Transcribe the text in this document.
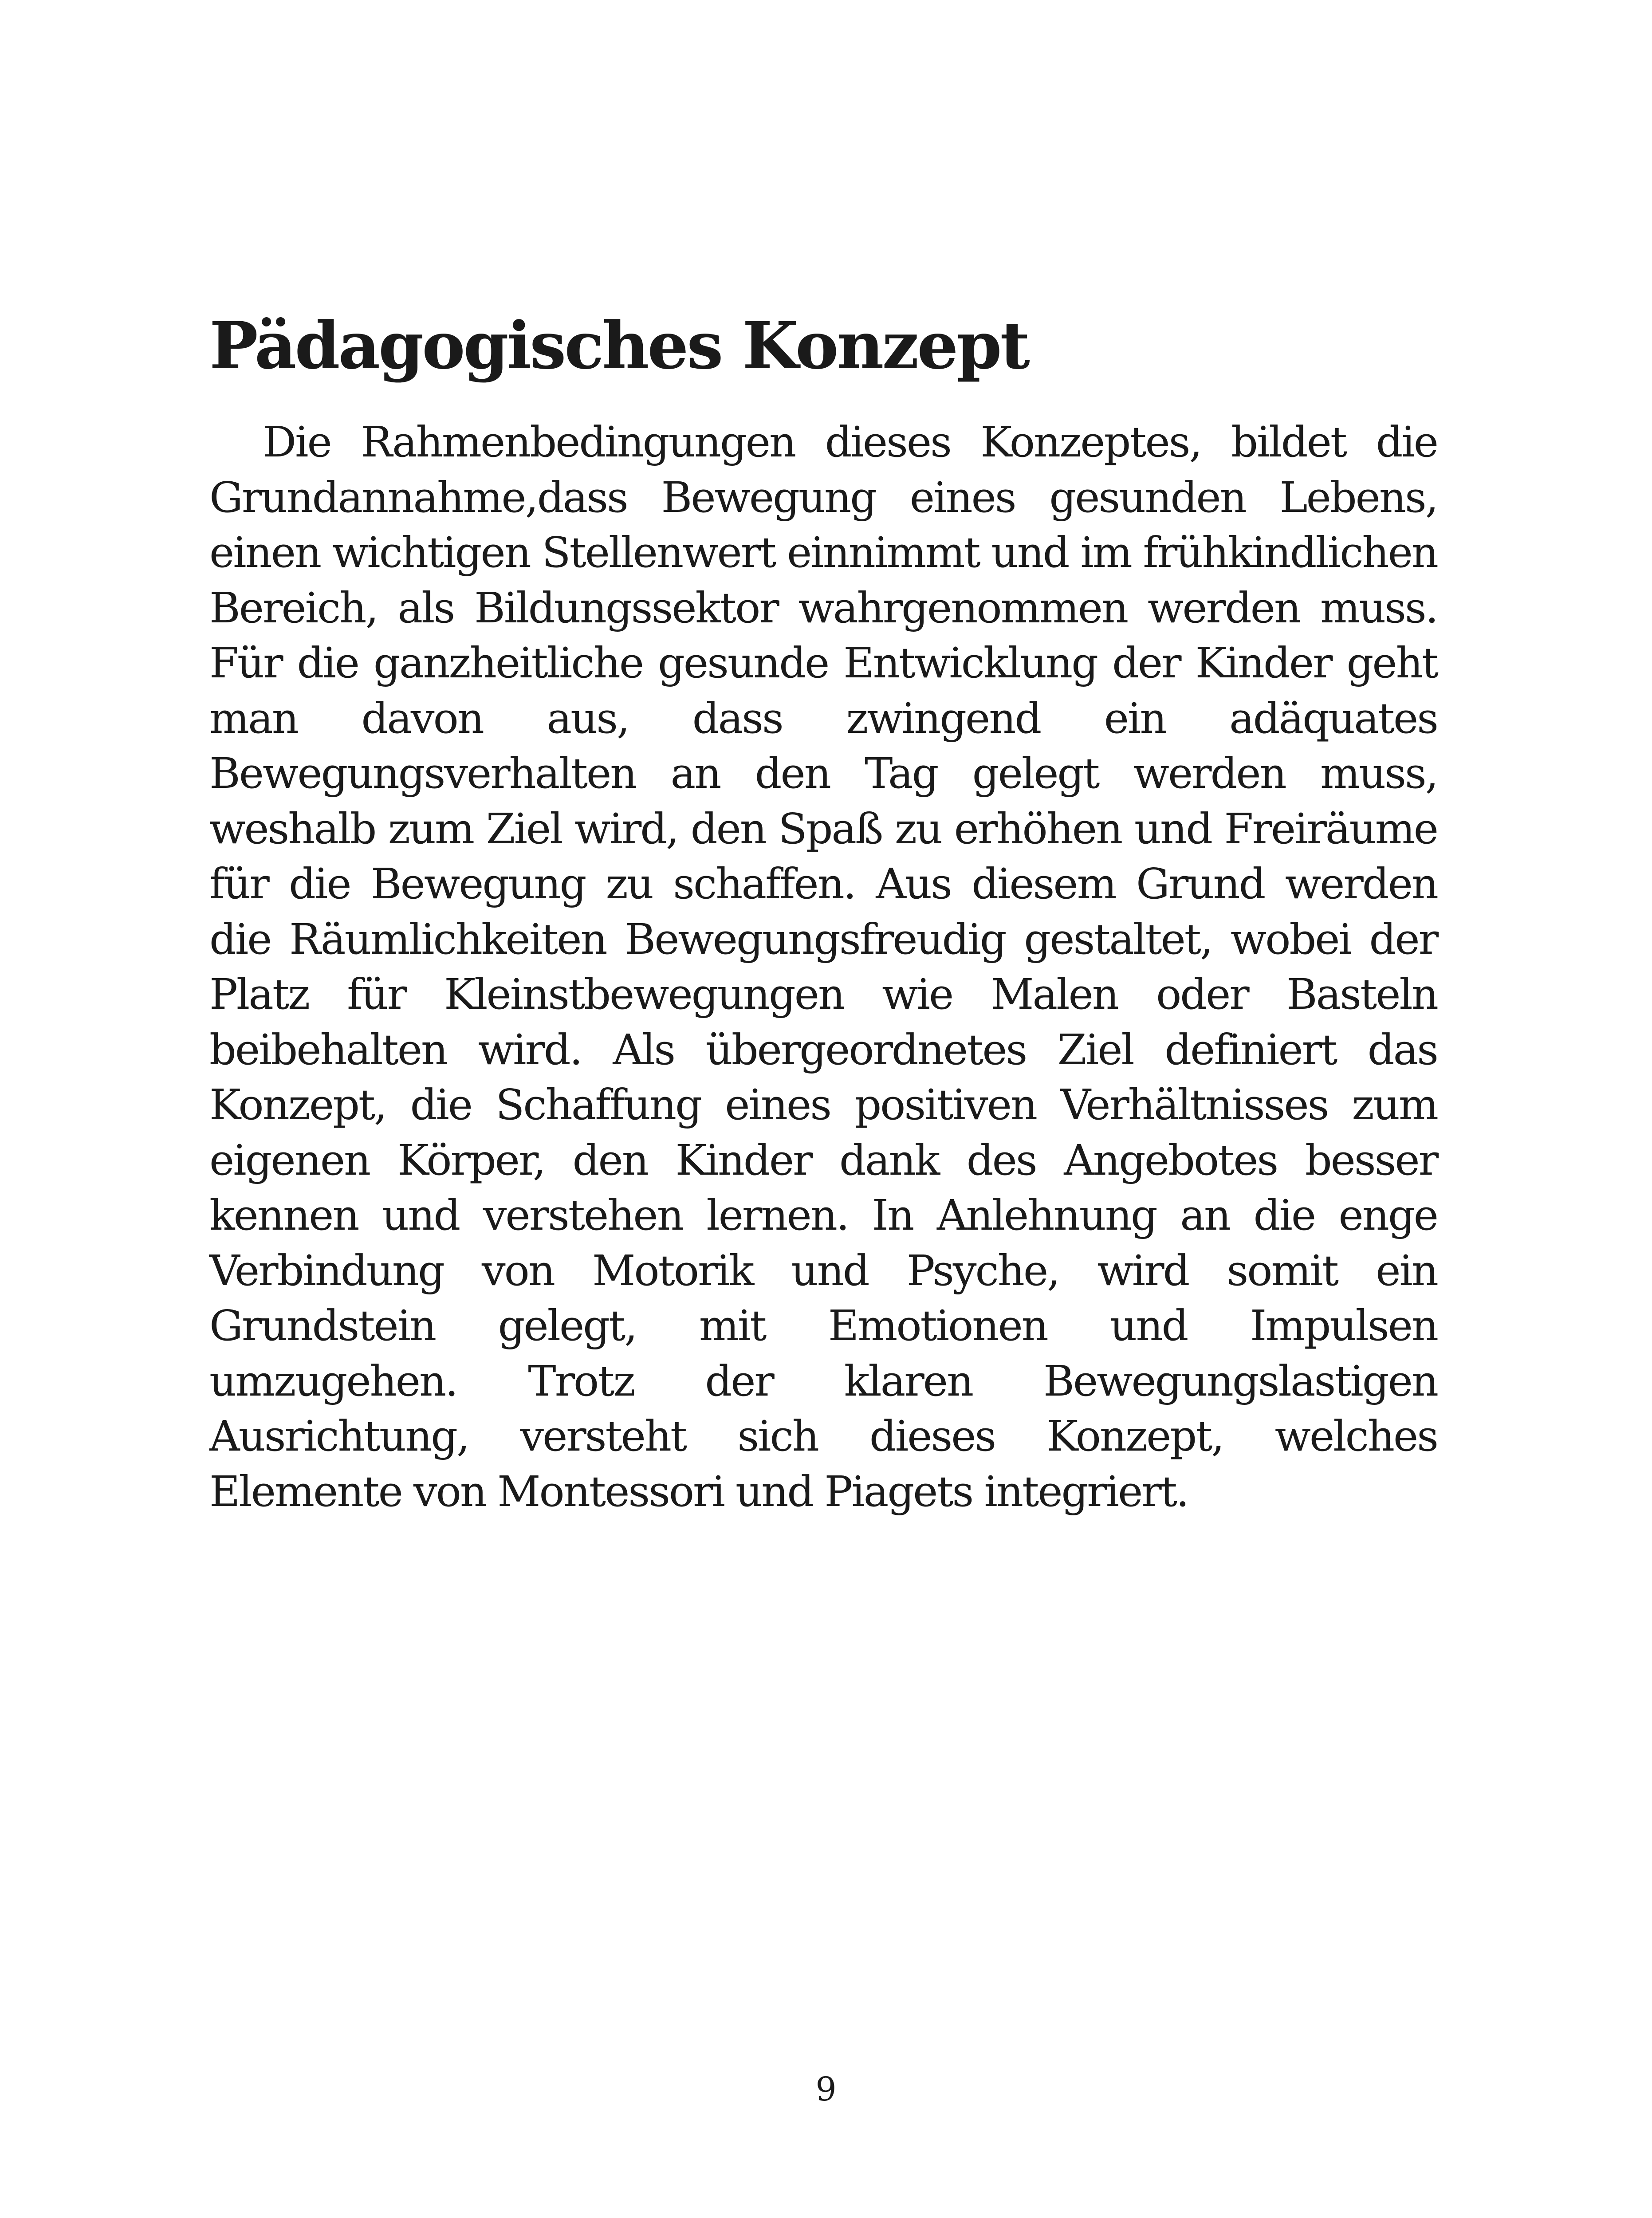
Pädagogisches Konzept

Die Rahmenbedingungen dieses Konzeptes, bildet die Grundannahme,dass Bewegung eines gesunden Lebens, einen wichtigen Stellenwert einnimmt und im frühkindlichen Bereich, als Bildungssektor wahrgenommen werden muss. Für die ganzheitliche gesunde Entwicklung der Kinder geht man davon aus, dass zwingend ein adäquates Bewegungsverhalten an den Tag gelegt werden muss, weshalb zum Ziel wird, den Spaß zu erhöhen und Freiräume für die Bewegung zu schaffen. Aus diesem Grund werden die Räumlichkeiten Bewegungsfreudig gestaltet, wobei der Platz für Kleinstbewegungen wie Malen oder Basteln beibehalten wird. Als übergeordnetes Ziel definiert das Konzept, die Schaffung eines positiven Verhältnisses zum eigenen Körper, den Kinder dank des Angebotes besser kennen und verstehen lernen. In Anlehnung an die enge Verbindung von Motorik und Psyche, wird somit ein Grundstein gelegt, mit Emotionen und Impulsen umzugehen. Trotz der klaren Bewegungslastigen Ausrichtung, versteht sich dieses Konzept, welches Elemente von Montessori und Piagets integriert.

9
